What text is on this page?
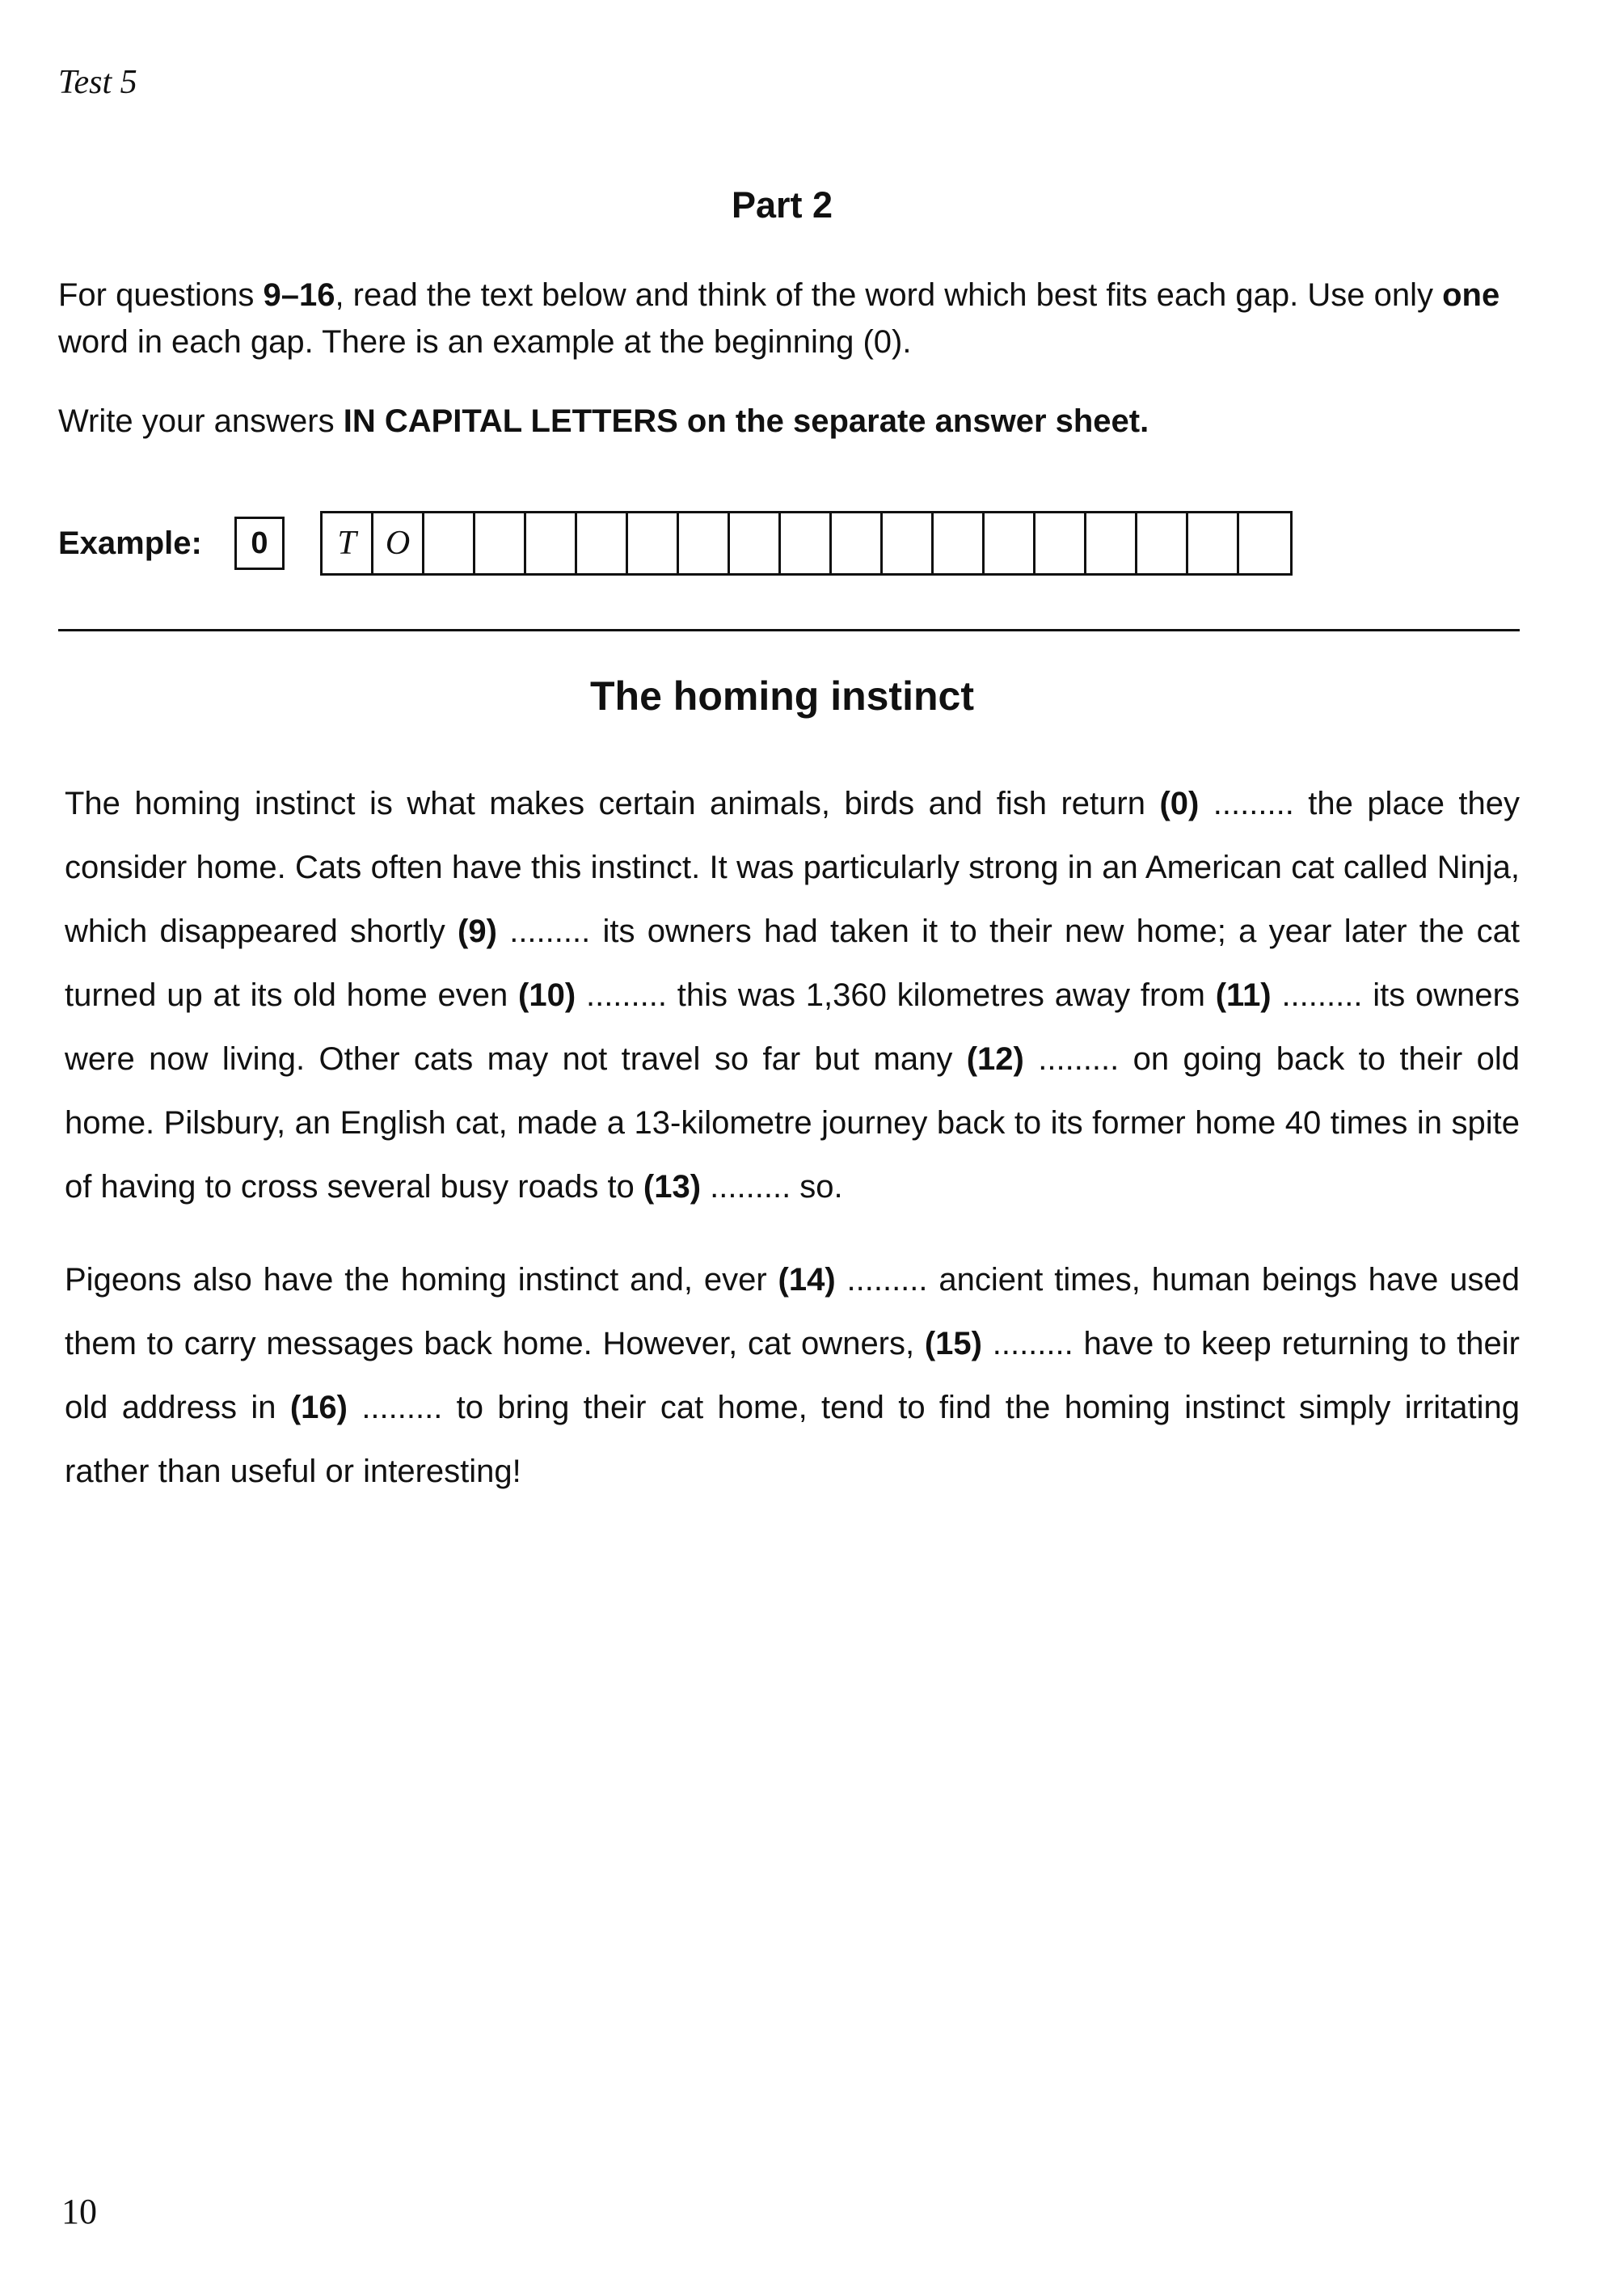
Test 5
Part 2

For questions 9–16, read the text below and think of the word which best fits each gap. Use only one word in each gap. There is an example at the beginning (0).

Write your answers IN CAPITAL LETTERS on the separate answer sheet.

Example:	0	T O
The homing instinct

The homing instinct is what makes certain animals, birds and fish return (0) ......... the place they consider home. Cats often have this instinct. It was particularly strong in an American cat called Ninja, which disappeared shortly (9) ......... its owners had taken it to their new home; a year later the cat turned up at its old home even (10) ......... this was 1,360 kilometres away from (11) ......... its owners were now living. Other cats may not travel so far but many (12) ......... on going back to their old home. Pilsbury, an English cat, made a 13-kilometre journey back to its former home 40 times in spite of having to cross several busy roads to (13) ......... so.

Pigeons also have the homing instinct and, ever (14) ......... ancient times, human beings have used them to carry messages back home. However, cat owners, (15) ......... have to keep returning to their old address in (16) ......... to bring their cat home, tend to find the homing instinct simply irritating rather than useful or interesting!

10
